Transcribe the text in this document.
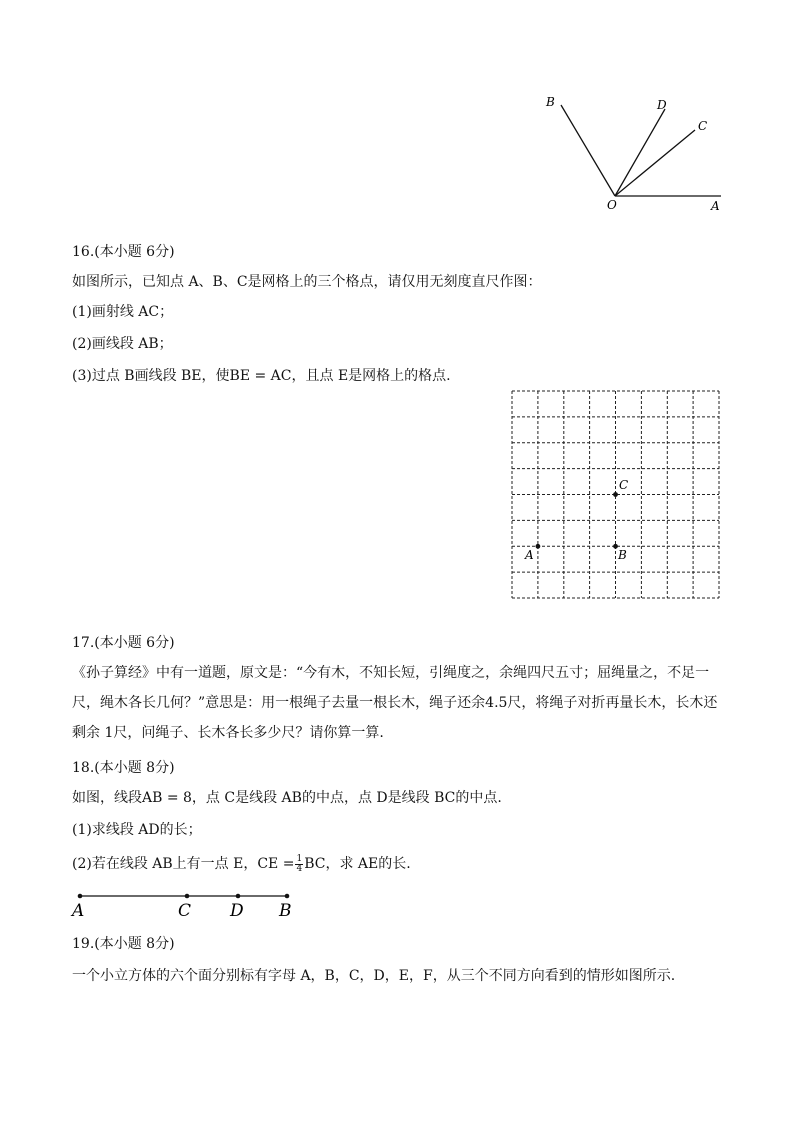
B	D
C
O	A
16.(本小题 6分)
如图所示，已知点 A、B、C是网格上的三个格点，请仅用无刻度直尺作图：
(1)画射线 AC；
(2)画线段 AB；
(3)过点 B画线段 BE，使BE = AC，且点 E是网格上的格点.
C
A	B
17.(本小题 6分)
《孙子算经》中有一道题，原文是：“今有木，不知长短，引绳度之，余绳四尺五寸；屈绳量之，不足一尺，绳木各长几何？”意思是：用一根绳子去量一根长木，绳子还余4.5尺，将绳子对折再量长木，长木还剩余 1尺，问绳子、长木各长多少尺？请你算一算.
18.(本小题 8分)
如图，线段AB = 8，点 C是线段 AB的中点，点 D是线段 BC的中点.
(1)求线段 AD的长；
(2)若在线段 AB上有一点 E，CE = $\frac{1}{4}$ BC，求 AE的长.
A	C D B
19.(本小题 8分)
一个小立方体的六个面分别标有字母 A，B，C，D，E，F，从三个不同方向看到的情形如图所示.
